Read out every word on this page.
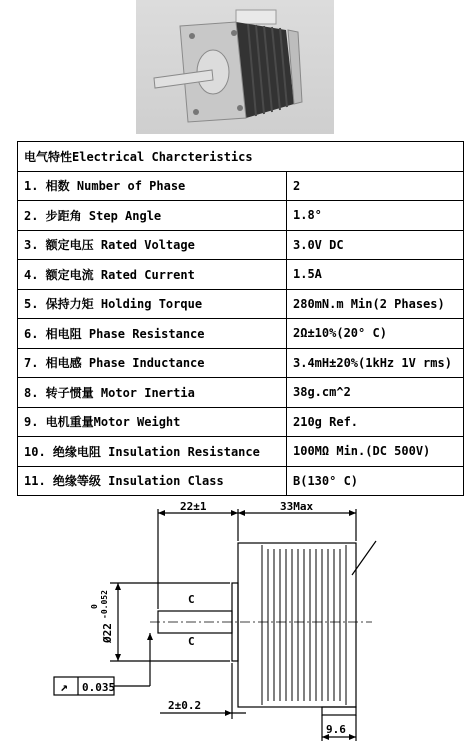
电气特性Electrical Charcteristics	
1. 相数 Number of Phase	2
2. 步距角 Step Angle	1.8°
3. 额定电压 Rated Voltage	3.0V DC
4. 额定电流 Rated Current	1.5A
5. 保持力矩 Holding Torque	280mN.m Min(2 Phases)
6. 相电阻 Phase Resistance	2Ω±10%(20° C)
7. 相电感 Phase Inductance	3.4mH±20%(1kHz 1V rms)
8. 转子惯量 Motor Inertia	38g.cm^2
9. 电机重量Motor Weight	210g Ref.
10. 绝缘电阻 Insulation Resistance	100MΩ Min.(DC 500V)
11. 绝缘等级 Insulation Class	B(130° C)
22±1	33Max
Ø22
0 -0.052	C
C
↗ 0.035
2±0.2
9.6
